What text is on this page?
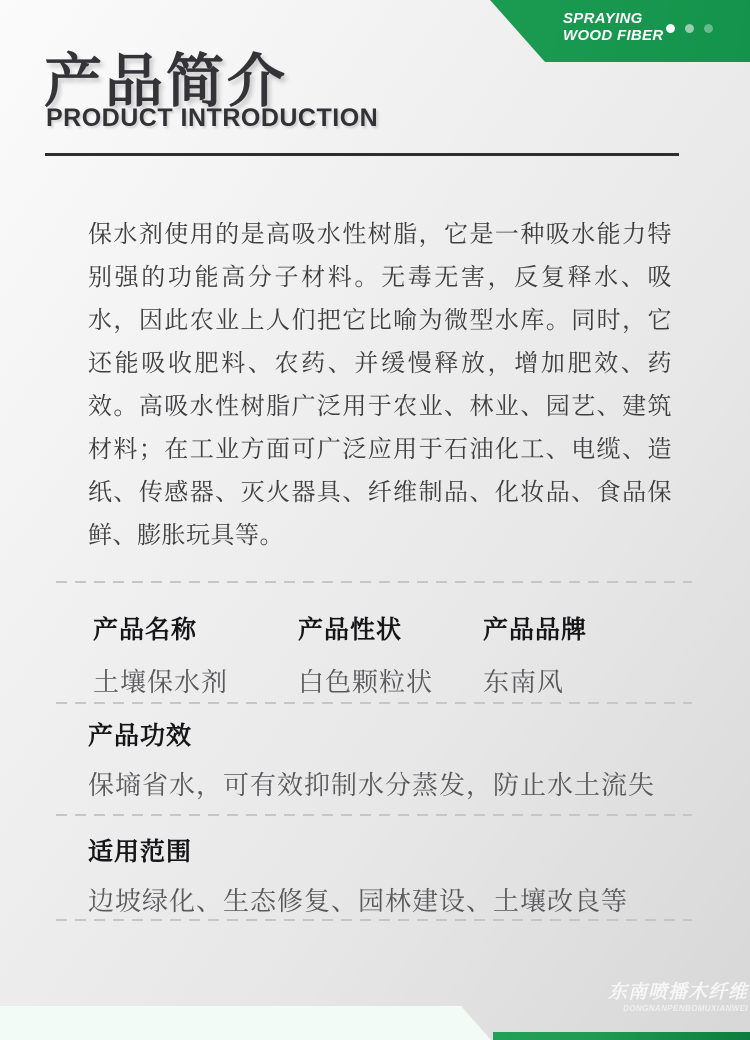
SPRAYING
WOOD FIBER
产品简介
PRODUCT INTRODUCTION

保水剂使用的是高吸水性树脂，它是一种吸水能力特别强的功能高分子材料。无毒无害，反复释水、吸水，因此农业上人们把它比喻为微型水库。同时，它还能吸收肥料、农药、并缓慢释放，增加肥效、药效。高吸水性树脂广泛用于农业、林业、园艺、建筑材料；在工业方面可广泛应用于石油化工、电缆、造纸、传感器、灭火器具、纤维制品、化妆品、食品保鲜、膨胀玩具等。

产品名称
土壤保水剂
产品性状
白色颗粒状
产品品牌
东南风
产品功效
保墒省水，可有效抑制水分蒸发，防止水土流失
适用范围
边坡绿化、生态修复、园林建设、土壤改良等
东南喷播木纤维
DONGNANPENBOMUXIANWEI
